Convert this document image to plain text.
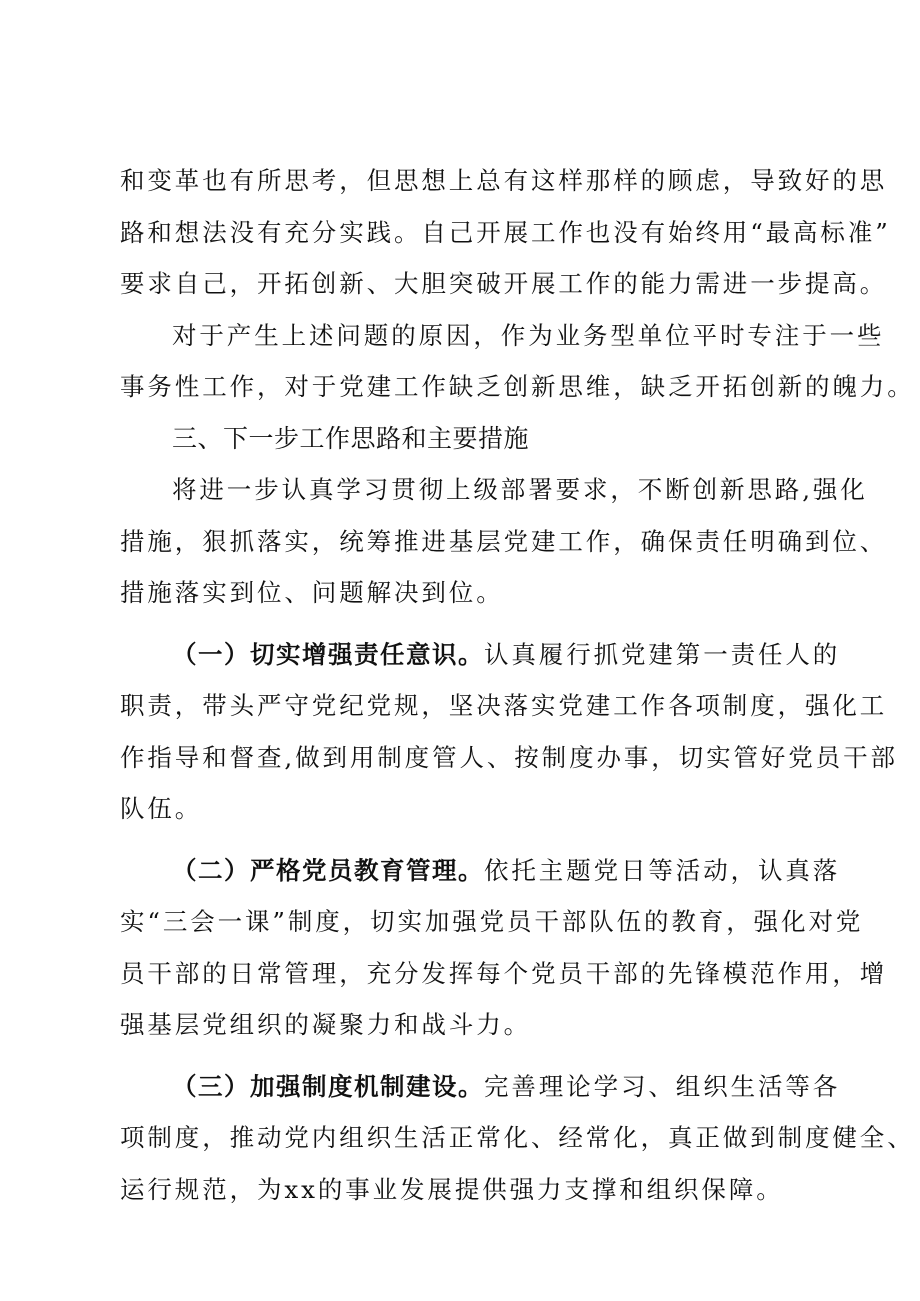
和变革也有所思考，但思想上总有这样那样的顾虑，导致好的思
路和想法没有充分实践。自己开展工作也没有始终用“最高标准”
要求自己，开拓创新、大胆突破开展工作的能力需进一步提高。
对于产生上述问题的原因，作为业务型单位平时专注于一些
事务性工作，对于党建工作缺乏创新思维，缺乏开拓创新的魄力。
三、下一步工作思路和主要措施
将进一步认真学习贯彻上级部署要求，不断创新思路,强化
措施，狠抓落实，统筹推进基层党建工作，确保责任明确到位、
措施落实到位、问题解决到位。
（一）切实增强责任意识。认真履行抓党建第一责任人的
职责，带头严守党纪党规，坚决落实党建工作各项制度，强化工
作指导和督查,做到用制度管人、按制度办事，切实管好党员干部
队伍。
（二）严格党员教育管理。依托主题党日等活动，认真落
实“三会一课”制度，切实加强党员干部队伍的教育，强化对党
员干部的日常管理，充分发挥每个党员干部的先锋模范作用，增
强基层党组织的凝聚力和战斗力。
（三）加强制度机制建设。完善理论学习、组织生活等各
项制度，推动党内组织生活正常化、经常化，真正做到制度健全、
运行规范，为xx的事业发展提供强力支撑和组织保障。
